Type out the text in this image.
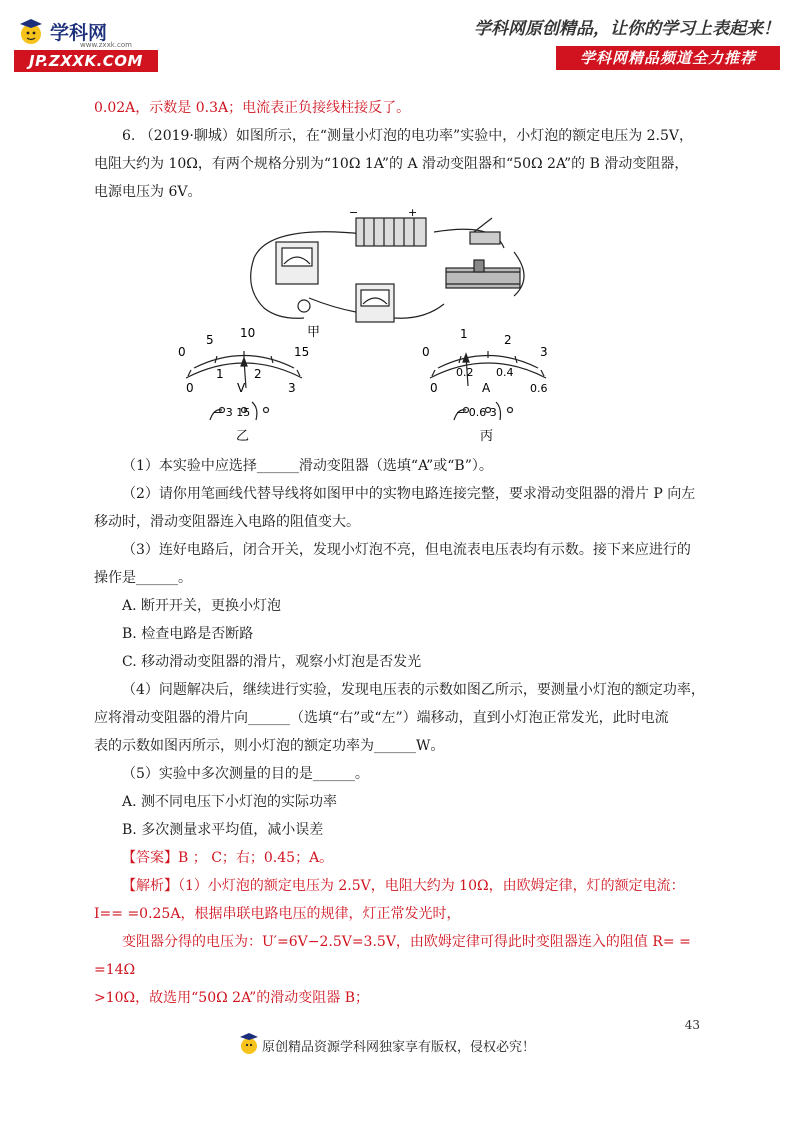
学科网
www.zxxk.com
JP.ZXXK.COM
学科网原创精品，让你的学习上表起来！
学科网精品频道全力推荐

0.02A，示数是 0.3A；电流表正负接线柱接反了。

6. （2019·聊城）如图所示，在“测量小灯泡的电功率”实验中，小灯泡的额定电压为 2.5V，

电阻大约为 10Ω，有两个规格分别为“10Ω 1A”的 A 滑动变阻器和“50Ω 2A”的 B 滑动变阻器，

电源电压为 6V。

+
−
甲
0
5 10
15
0
1	2
3
V
− 3 15
乙
0
1	2
3
0
0.2 0.4
0.6
A
− 0.6 3
丙

（1）本实验中应选择______滑动变阻器（选填“A”或“B”）。

（2）请你用笔画线代替导线将如图甲中的实物电路连接完整，要求滑动变阻器的滑片 P 向左

移动时，滑动变阻器连入电路的阻值变大。

（3）连好电路后，闭合开关，发现小灯泡不亮，但电流表电压表均有示数。接下来应进行的

操作是______。

A. 断开开关，更换小灯泡

B. 检查电路是否断路

C. 移动滑动变阻器的滑片，观察小灯泡是否发光

（4）问题解决后，继续进行实验，发现电压表的示数如图乙所示，要测量小灯泡的额定功率，

应将滑动变阻器的滑片向______（选填“右”或“左”）端移动，直到小灯泡正常发光，此时电流

表的示数如图丙所示，则小灯泡的额定功率为______W。

（5）实验中多次测量的目的是______。

A. 测不同电压下小灯泡的实际功率

B. 多次测量求平均值，减小误差

【答案】B ； C；右；0.45；A。

【解析】（1）小灯泡的额定电压为 2.5V，电阻大约为 10Ω，由欧姆定律，灯的额定电流：

I== =0.25A，根据串联电路电压的规律，灯正常发光时，

变阻器分得的电压为：U′=6V−2.5V=3.5V，由欧姆定律可得此时变阻器连入的阻值 R= = =14Ω

>10Ω，故选用“50Ω 2A”的滑动变阻器 B；

43
原创精品资源学科网独家享有版权，侵权必究！
